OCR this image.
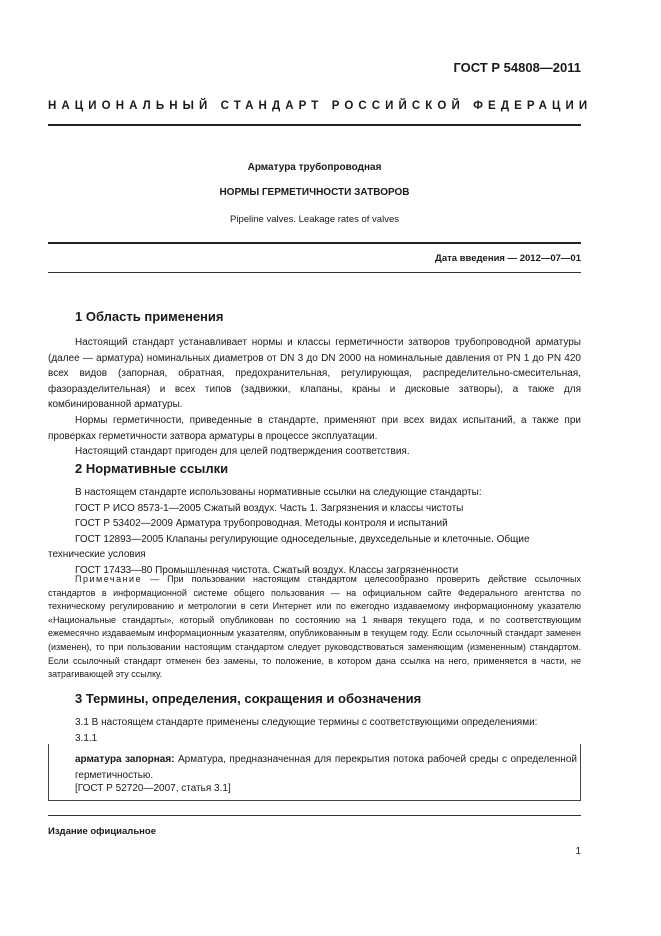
ГОСТ Р 54808—2011
НАЦИОНАЛЬНЫЙ СТАНДАРТ РОССИЙСКОЙ ФЕДЕРАЦИИ
Арматура трубопроводная
НОРМЫ ГЕРМЕТИЧНОСТИ ЗАТВОРОВ
Pipeline valves. Leakage rates of valves
Дата введения — 2012—07—01
1 Область применения

Настоящий стандарт устанавливает нормы и классы герметичности затворов трубопроводной арматуры (далее — арматура) номинальных диаметров от DN 3 до DN 2000 на номинальные давления от PN 1 до PN 420 всех видов (запорная, обратная, предохранительная, регулирующая, распределительно-смесительная, фазоразделительная) и всех типов (задвижки, клапаны, краны и дисковые затворы), а также для комбинированной арматуры.

Нормы герметичности, приведенные в стандарте, применяют при всех видах испытаний, а также при проверках герметичности затвора арматуры в процессе эксплуатации.

Настоящий стандарт пригоден для целей подтверждения соответствия.

2 Нормативные ссылки

В настоящем стандарте использованы нормативные ссылки на следующие стандарты:

ГОСТ Р ИСО 8573-1—2005 Сжатый воздух. Часть 1. Загрязнения и классы чистоты

ГОСТ Р 53402—2009 Арматура трубопроводная. Методы контроля и испытаний

ГОСТ 12893—2005 Клапаны регулирующие односедельные, двухседельные и клеточные. Общие технические условия

ГОСТ 17433—80 Промышленная чистота. Сжатый воздух. Классы загрязненности

Примечание — При пользовании настоящим стандартом целесообразно проверить действие ссылочных стандартов в информационной системе общего пользования — на официальном сайте Федерального агентства по техническому регулированию и метрологии в сети Интернет или по ежегодно издаваемому информационному указателю «Национальные стандарты», который опубликован по состоянию на 1 января текущего года, и по соответствующим ежемесячно издаваемым информационным указателям, опубликованным в текущем году. Если ссылочный стандарт заменен (изменен), то при пользовании настоящим стандартом следует руководствоваться заменяющим (измененным) стандартом. Если ссылочный стандарт отменен без замены, то положение, в котором дана ссылка на него, применяется в части, не затрагивающей эту ссылку.

3 Термины, определения, сокращения и обозначения

3.1 В настоящем стандарте применены следующие термины с соответствующими определениями:

3.1.1

арматура запорная: Арматура, предназначенная для перекрытия потока рабочей среды с определенной герметичностью.

[ГОСТ Р 52720—2007, статья 3.1]
Издание официальное
1
